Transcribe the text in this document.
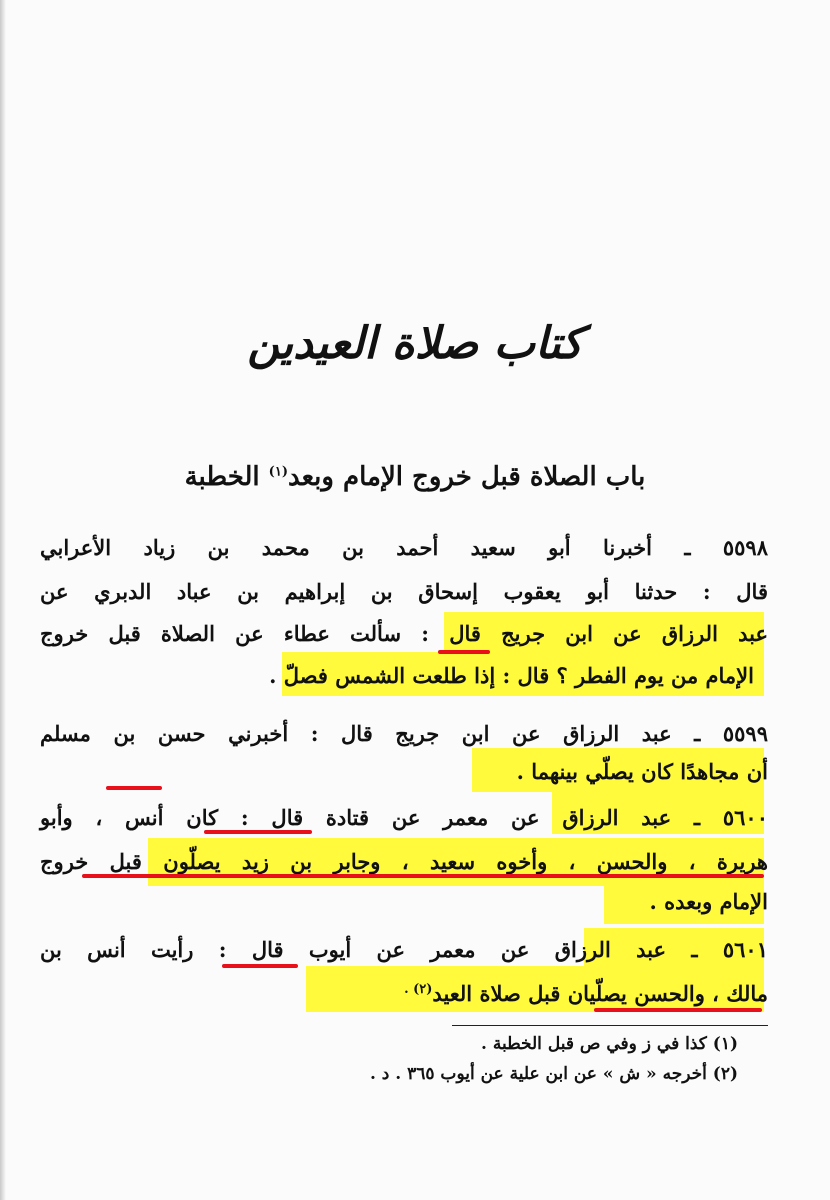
كتاب صلاة العيدين
باب الصلاة قبل خروج الإمام وبعد$^{(١)}$ الخطبة
٥٥٩٨ ـ أخبرنا أبو سعيد أحمد بن محمد بن زياد الأعرابي
قال : حدثنا أبو يعقوب إسحاق بن إبراهيم بن عباد الدبري عن
عبد الرزاق عن ابن جريج قال : سألت عطاء عن الصلاة قبل خروج
الإمام من يوم الفطر ؟ قال : إذا طلعت الشمس فصلّ .
٥٥٩٩ ـ عبد الرزاق عن ابن جريج قال : أخبرني حسن بن مسلم
أن مجاهدًا كان يصلّي بينهما .
٥٦٠٠ ـ عبد الرزاق عن معمر عن قتادة قال : كان أنس ، وأبو
هريرة ، والحسن ، وأخوه سعيد ، وجابر بن زيد يصلّون قبل خروج
الإمام وبعده .
٥٦٠١ ـ عبد الرزاق عن معمر عن أيوب قال : رأيت أنس بن
مالك ، والحسن يصلّيان قبل صلاة العيد$^{(٢) .}$
(١) كذا في ز وفي ص قبل الخطبة .
(٢) أخرجه « ش » عن ابن علية عن أيوب ٣٦٥ . د .
